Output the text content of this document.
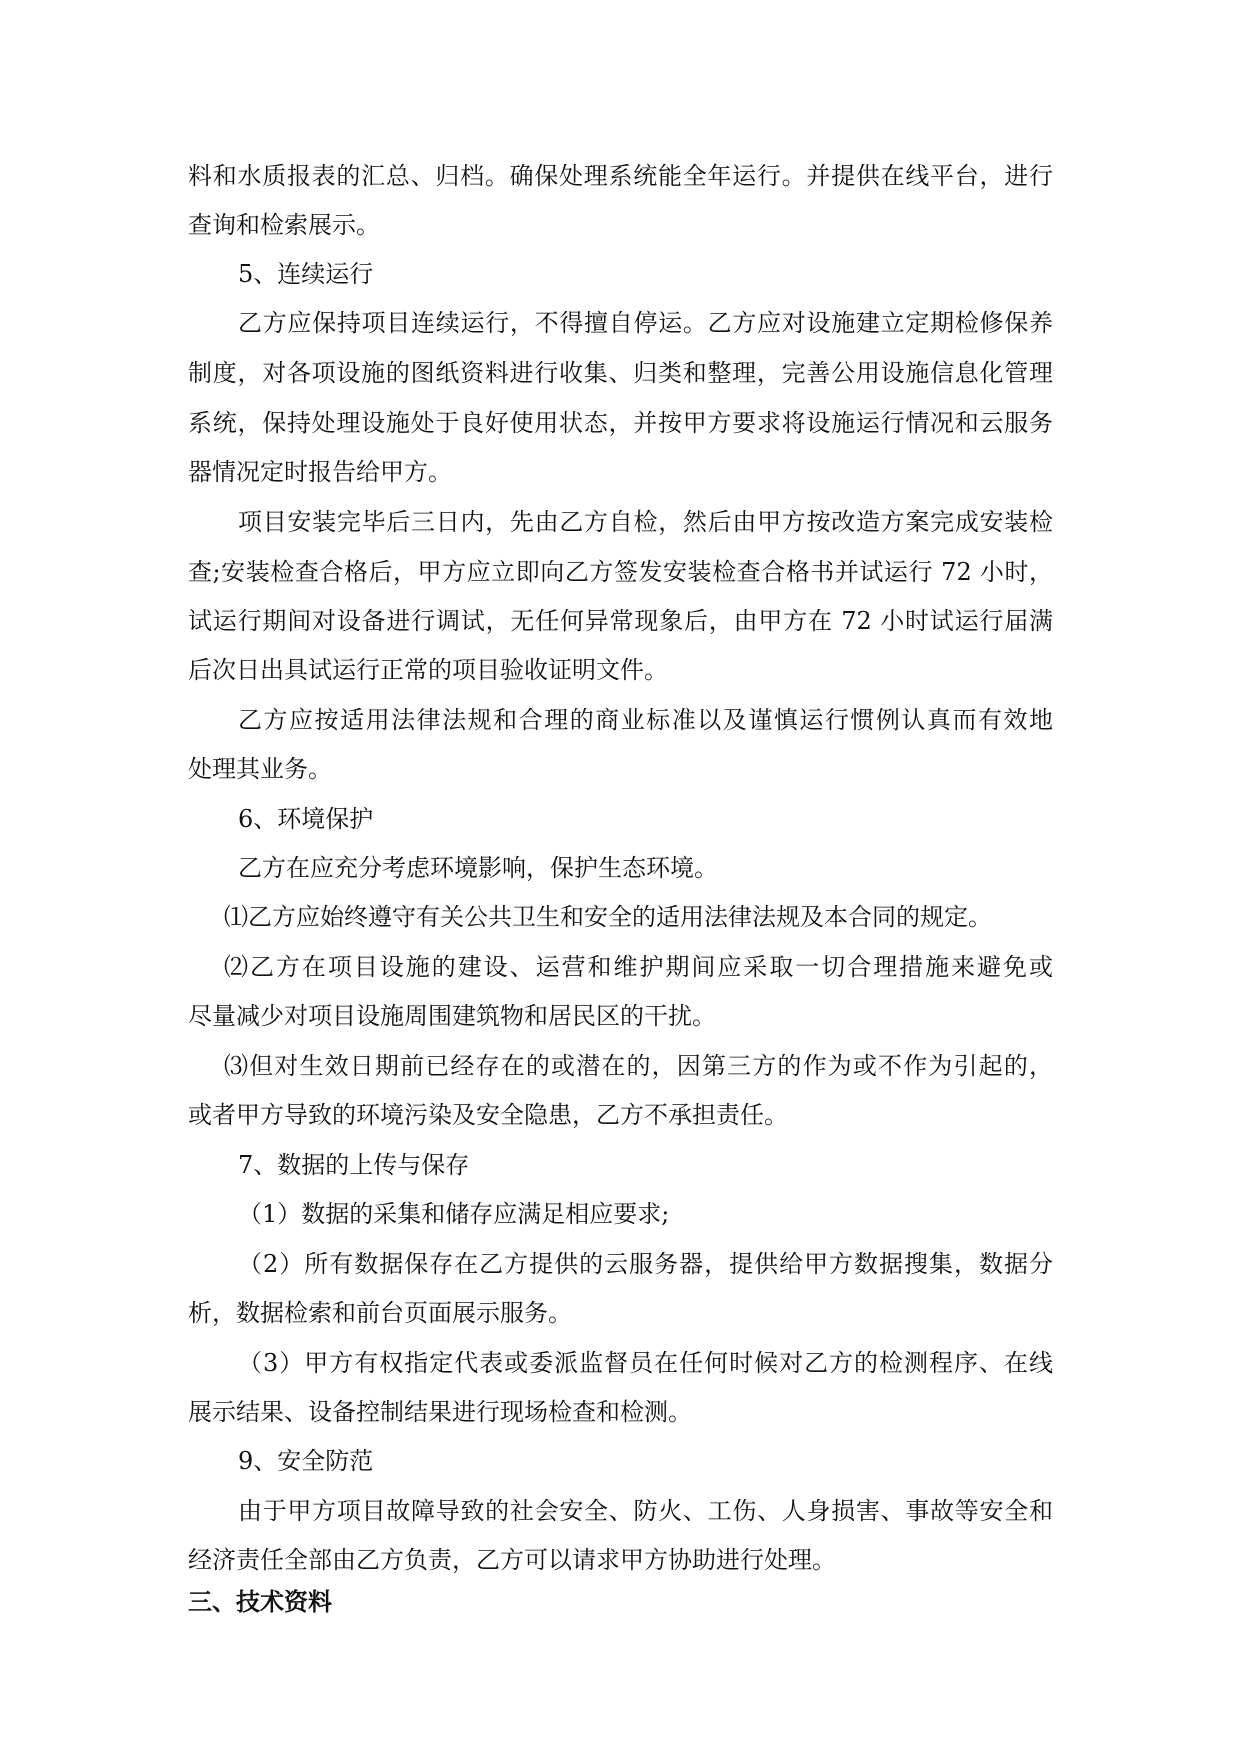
料和水质报表的汇总、归档。确保处理系统能全年运行。并提供在线平台，进行
查询和检索展示。
5、连续运行
乙方应保持项目连续运行，不得擅自停运。乙方应对设施建立定期检修保养
制度，对各项设施的图纸资料进行收集、归类和整理，完善公用设施信息化管理
系统，保持处理设施处于良好使用状态，并按甲方要求将设施运行情况和云服务
器情况定时报告给甲方。
项目安装完毕后三日内，先由乙方自检，然后由甲方按改造方案完成安装检
查;安装检查合格后，甲方应立即向乙方签发安装检查合格书并试运行 72 小时，
试运行期间对设备进行调试，无任何异常现象后，由甲方在 72 小时试运行届满
后次日出具试运行正常的项目验收证明文件。
乙方应按适用法律法规和合理的商业标准以及谨慎运行惯例认真而有效地
处理其业务。
6、环境保护
乙方在应充分考虑环境影响，保护生态环境。
⑴乙方应始终遵守有关公共卫生和安全的适用法律法规及本合同的规定。
⑵乙方在项目设施的建设、运营和维护期间应采取一切合理措施来避免或
尽量减少对项目设施周围建筑物和居民区的干扰。
⑶但对生效日期前已经存在的或潜在的，因第三方的作为或不作为引起的，
或者甲方导致的环境污染及安全隐患，乙方不承担责任。
7、数据的上传与保存
（1）数据的采集和储存应满足相应要求;
（2）所有数据保存在乙方提供的云服务器，提供给甲方数据搜集，数据分
析，数据检索和前台页面展示服务。
（3）甲方有权指定代表或委派监督员在任何时候对乙方的检测程序、在线
展示结果、设备控制结果进行现场检查和检测。
9、安全防范
由于甲方项目故障导致的社会安全、防火、工伤、人身损害、事故等安全和
经济责任全部由乙方负责，乙方可以请求甲方协助进行处理。
三、技术资料
